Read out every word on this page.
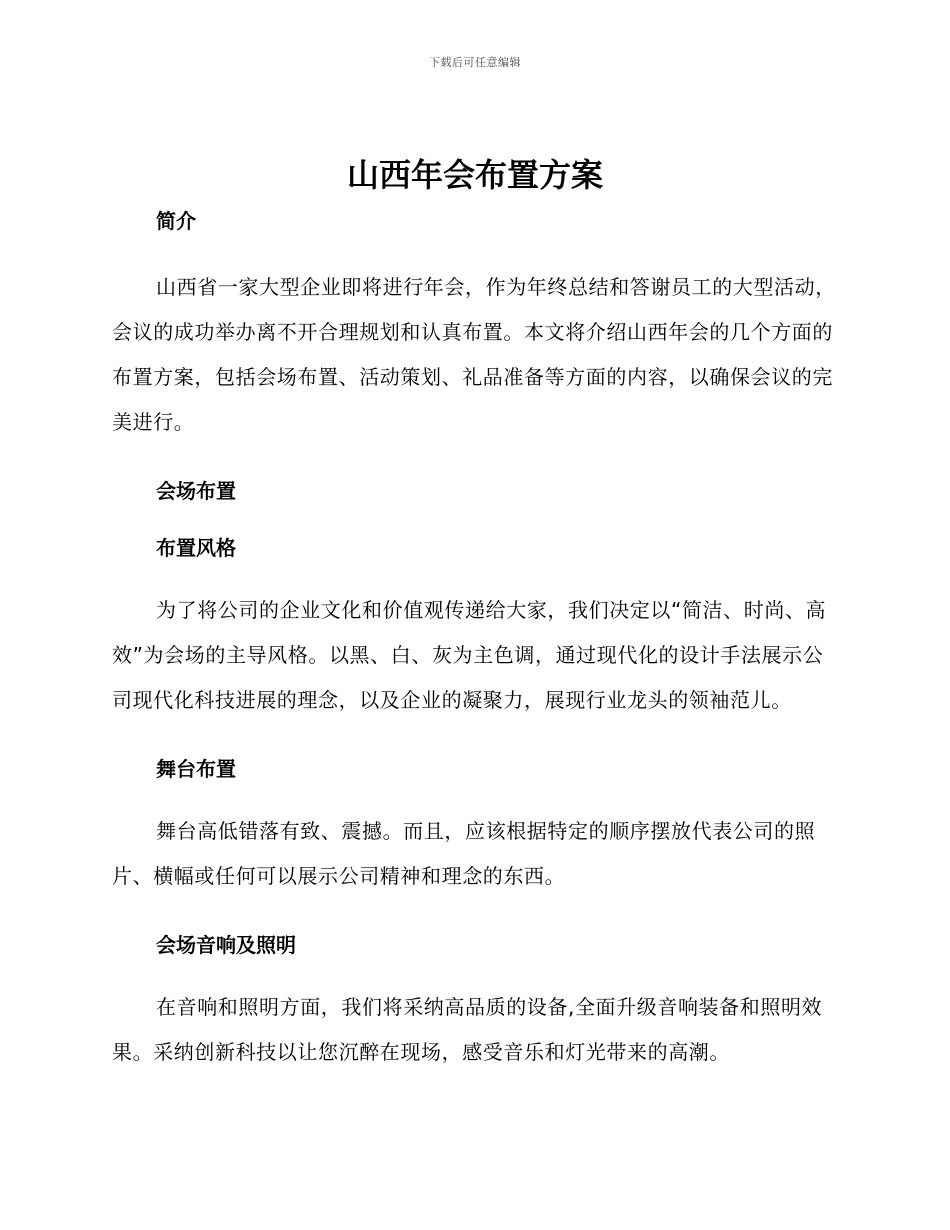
下载后可任意编辑
山西年会布置方案
简介

山西省一家大型企业即将进行年会，作为年终总结和答谢员工的大型活动，会议的成功举办离不开合理规划和认真布置。本文将介绍山西年会的几个方面的布置方案，包括会场布置、活动策划、礼品准备等方面的内容，以确保会议的完美进行。

会场布置
布置风格

为了将公司的企业文化和价值观传递给大家，我们决定以“简洁、时尚、高效”为会场的主导风格。以黑、白、灰为主色调，通过现代化的设计手法展示公司现代化科技进展的理念，以及企业的凝聚力，展现行业龙头的领袖范儿。

舞台布置

舞台高低错落有致、震撼。而且，应该根据特定的顺序摆放代表公司的照片、横幅或任何可以展示公司精神和理念的东西。

会场音响及照明

在音响和照明方面，我们将采纳高品质的设备,全面升级音响装备和照明效果。采纳创新科技以让您沉醉在现场，感受音乐和灯光带来的高潮。
